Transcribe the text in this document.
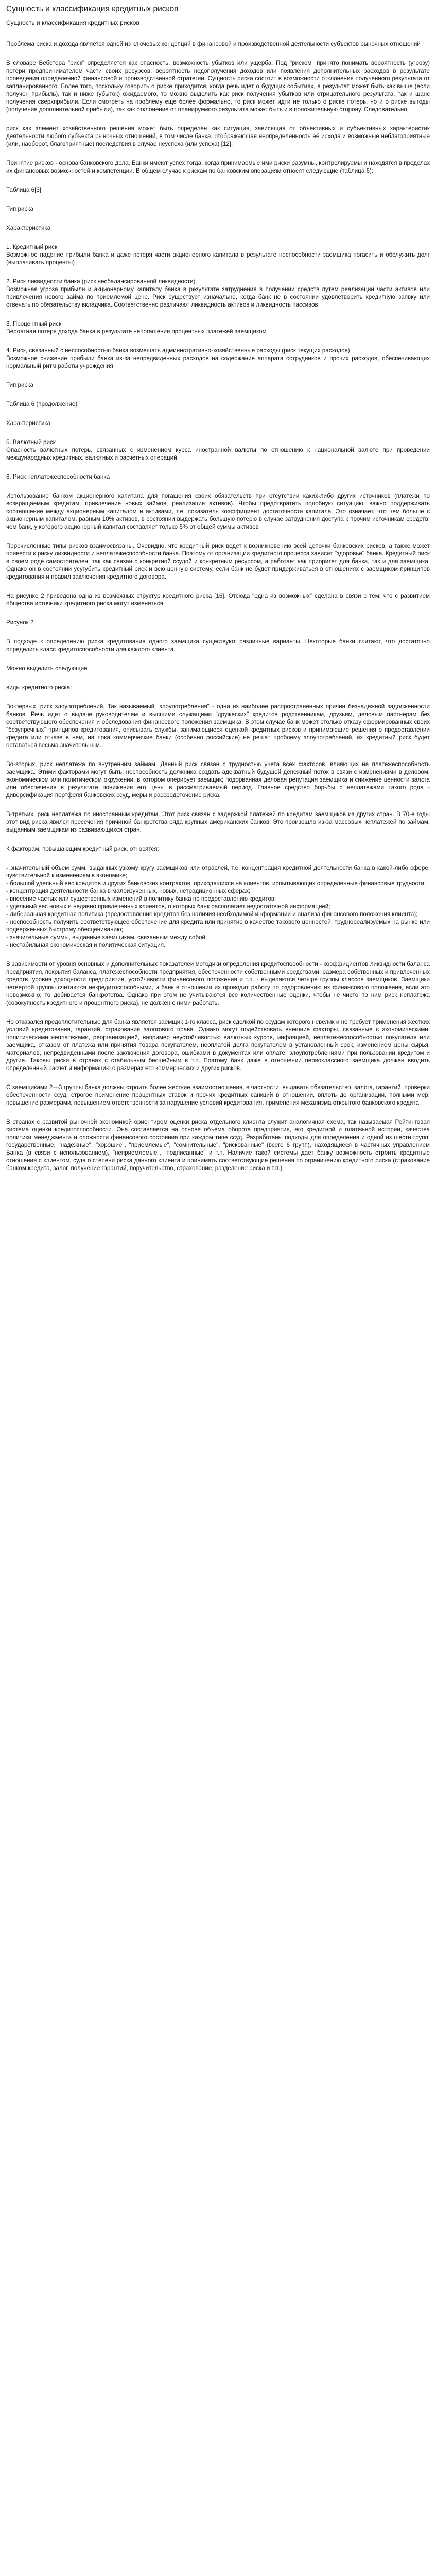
Сущность и классификация кредитных рисков
Сущность и классификация кредитных рисков
Проблема риска и дохода является одной из ключевых концепций в финансовой и производственной деятельности субъектов рыночных отношений
В словаре Вебстера "риск" определяется как опасность, возможность убытков или ущерба. Под "риском" принято понимать вероятность (угрозу) потери предпринимателем части своих ресурсов, вероятность недополучения доходов или появления дополнительных расходов в результате проведения определенной финансовой и производственной стратегии. Сущность риска состоит в возможности отклонения полученного результата от запланированного. Более того, поскольку говорить о риске приходится, когда речь идет о будущих событиях, а результат может быть как выше (если получен прибыль), так и ниже (убыток) ожидаемого, то можно выделить как риск получения убытков или отрицательного результата, так и шанс получения сверхприбыли. Если смотреть на проблему еще более формально, то риск может идти не только о риске потерь, но и о риске выгоды (получения дополнительной прибыли), так как отклонение от планируемого результата может быть и в положительную сторону. Следовательно,
риск как элемент хозяйственного решения может быть определен как ситуация, зависящая от объективных и субъективных характеристик деятельности любого субъекта рыночных отношений, в том числе банка, отображающая неопределенность её исхода и возможные неблагоприятные (или, наоборот, благоприятные) последствия в случае неуспеха (или успеха) [12].
Принятие рисков - основа банковского дела. Банки имеют успех тогда, когда принимаемые ими риски разумны, контролируемы и находятся в пределах их финансовых возможностей и компетенции. В общем случае к рискам по банковским операциям относят следующие (таблица 6):
Таблица 6[3]
Тип риска
Характеристика
1. Кредитный риск
Возможное падение прибыли банка и даже потеря части акционерного капитала в результате неспособности заемщика погасить и обслужить долг (выплачивать проценты)
2. Риск ликвидности банка (риск несбалансированной ликвидности)
Возможная угроза прибыли и акционерному капиталу банка в результате затруднения в получении средств путем реализации части активов или привлечения нового займа по приемлемой цене. Риск существует изначально, когда банк не в состоянии удовлетворить кредитную заявку или отвечать по обязательству вкладчика. Соответственно различают ликвидность активов и ликвидность пассивов
3. Процентный риск
Вероятная потеря дохода банка в результате непогашения процентных платежей заемщиком
4. Риск, связанный с неспособностью банка возмещать административно-хозяйственные расходы (риск текущих расходов)
Возможное снижение прибыли банка из-за непредвиденных расходов на содержание аппарата сотрудников и прочих расходов, обеспечивающих нормальный ритм работы учреждения
Тип риска
Таблица 6 (продолжение)
Характеристика
5. Валютный риск
Опасность валютных потерь, связанных с изменением курса иностранной валюты по отношению к национальной валюте при проведении международных кредитных, валютных и расчетных операций
6. Риск неплатежеспособности банка
Использование банком акционерного капитала для погашения своих обязательств при отсутствии каких-либо других источников (платежи по возвращаемым кредитам, привлечение новых займов, реализация активов). Чтобы предотвратить подобную ситуацию, важно поддерживать соотношение между акционерным капиталом и активами, т.е. показатель коэффициент достаточности капитала. Это означает, что чем больше с акционерным капиталом, равным 10% активов, в состоянии выдержать большую потерю в случае затруднения доступа к прочим источникам средств, чем банк, у которого акционерный капитал составляет только 6% от общей суммы активов
Перечисленные типы рисков взаимосвязаны. Очевидно, что кредитный риск ведет к возникновению всей цепочки банковских рисков, а также может привести к риску ликвидности и неплатежеспособности банка. Поэтому от организации кредитного процесса зависит "здоровье" банка. Кредитный риск в своем роде самостоятелен, так как связан с конкретной ссудой и конкретным ресурсом, а работает как приоритет для банка, так и для заемщика. Однако он в состоянии усугубить кредитный риск и всю ценную систему, если банк не будет придерживаться в отношениях с заемщиком принципов кредитования и правил заключения кредитного договора.
На рисунке 2 приведена одна из возможных структур кредитного риска [16]. Отсюда "одна из возможных" сделана в связи с тем, что с развитием общества источники кредитного риска могут изменяться.
Рисунок 2
В подходе к определению риска кредитования одного заемщика существуют различные варианты. Некоторые банки считают, что достаточно определить класс кредитоспособности для каждого клиента.
Можно выделить следующие
виды кредитного риска:
Во-первых, риск злоупотреблений. Так называемый "злоупотребления" - одна из наиболее распространенных причин безнадежной задолженности банков. Речь идет о выдаче руководителем и высшими служащими "дружеских" кредитов родственникам, друзьям, деловым партнерам без соответствующего обеспечения и обследования финансового положения заемщика. В этом случае банк может столько отказу сформированных своих "безупречных" принципов кредитования, описывать службы, занимающиеся оценкой кредитных рисков и принимающие решения о предоставлении кредита или отказе в нем, на пока коммерческие банки (особенно российские) не решат проблему злоупотреблений, их кредитный риск будет оставаться весьма значительным.
Во-вторых, риск неплатежа по внутренним займам. Данный риск связан с трудностью учета всех факторов, влияющих на платежеспособность заемщика. Этими факторами могут быть: неспособность должника создать адекватный будущей денежный поток в связи с изменениями в деловом, экономическом или политическом окружении, в котором оперирует заемщик; подорванная деловая репутация заемщика и снижение ценности залога или обеспечения в результате понижения его цены в рассматриваемый период. Главное средство борьбы с неплатежами такого рода - диверсификация портфеля банковских ссуд, меры и рассредоточение риска.
В-третьих, риск неплатежа по иностранным кредитам. Этот риск связан с задержкой платежей по кредитам заемщиков из других стран. В 70-е годы этот вид риска явился пресечения причиной банкротства ряда крупных американских банков. Это произошло из-за массовых неплатежей по займам, выданным заемщикам из развивающихся стран.
К факторам, повышающим кредитный риск, относятся:
- значительный объем сумм, выданных узкому кругу заемщиков или отраслей, т.е. концентрация кредитной деятельности банка в какой-либо сфере, чувствительной к изменениям в экономике;
- большой удельный вес кредитов и других банковских контрактов, приходящихся на клиентов, испытывающих определенные финансовые трудности;
- концентрация деятельности банка в малоизученных, новых, нетрадиционных сферах;
- внесение частых или существенных изменений в политику банка по предоставлению кредитов;
- удельный вес новых и недавно привлеченных клиентов, о которых банк располагает недостаточной информацией;
- либеральная кредитная политика (предоставление кредитов без наличия необходимой информации и анализа финансового положения клиента);
- неспособность получить соответствующее обеспечение для кредита или принятие в качестве такового ценностей, труднореализуемых на рынке или подверженных быстрому обесцениванию;
- значительные суммы, выданные заемщикам, связанным между собой;
- нестабильная экономическая и политическая ситуация.
В зависимости от уровня основных и дополнительных показателей методики определения кредитоспособности - коэффициентов ликвидности баланса предприятия, покрытия баланса, платежеспособности предприятия, обеспеченности собственными средствами, размера собственных и привлеченных средств, уровня доходности предприятия, устойчивости финансового положения и т.п. - выделяются четыре группы классов заемщиков. Заемщики четвертой группы считаются некредитоспособными, и банк в отношении их проводит работу по оздоровлению их финансового положения, если это невозможно, то добивается банкротства. Однако при этом не учитываются все количественные оценки, чтобы не чисто по ним риск неплатежа (совокупность кредитного и процентного риска), не должен с ними работать.
Но отказался предоплотительные для банка является заемщик 1-го класса, риск сделкой по ссудам которого невелик и не требует применения жестких условий кредитования, гарантий, страхования залогового права. Однако могут подействовать внешние факторы, связанные с экономическими, политическими неплатежами, реорганизацией, например неустойчивостью валютных курсов, инфляцией, неплатежеспособностью покупателя или заемщика, отказом от платежа или принятия товара покупателем, неоплатой долга покупателем в установленный срок, изменением цены сырья, материалов, непредвиденными после заключения договора, ошибками в документах или оплате, злоупотреблениями при пользовании кредитом и другие. Таковы риски в странах с стабильным бесшейным в т.п. Поэтому банк даже в отношении первоклассного заемщика должен вводить определенный расчет и информацию о размерах его коммерческих и других рисков.
С заемщиками 2—3 группы банка должны строить более жесткие взаимоотношения, в частности, выдавать обязательство, залога, гарантий, проверки обеспеченности ссуд, строгое применение процентных ставок и прочих кредитных санкций в отношении, вплоть до организации, полными мер, повышение размерами, повышением ответственности за нарушение условий кредитования, применения механизма открытого банковского кредита.
В странах с развитой рыночной экономикой ориентиром оценки риска отдельного клиента служит аналогичная схема, так называемая Рейтинговая система оценки кредитоспособности. Она составляется на основе объема оборота предприятия, его кредитной и платежной истории, качества политики менеджмента и сложности финансового состояния при каждом типе ссуд. Разработаны подходы для определения и одной из шести групп: государственные, "надёжные", "хорошие", "приемлемые", "сомнительные", "рискованные" (всего 6 групп), находящиеся в частичных управлением Банка (в связи с использованием), "неприемлемые", "подписанные" и т.п. Наличие такой системы дает банку возможность строить кредитные отношения с клиентом, судя о степени риска данного клиента и принимать соответствующие решения по ограничению кредитного риска (страхование банком кредита, залог, получение гарантий, поручительство, страхование, разделение риска и т.п.).
